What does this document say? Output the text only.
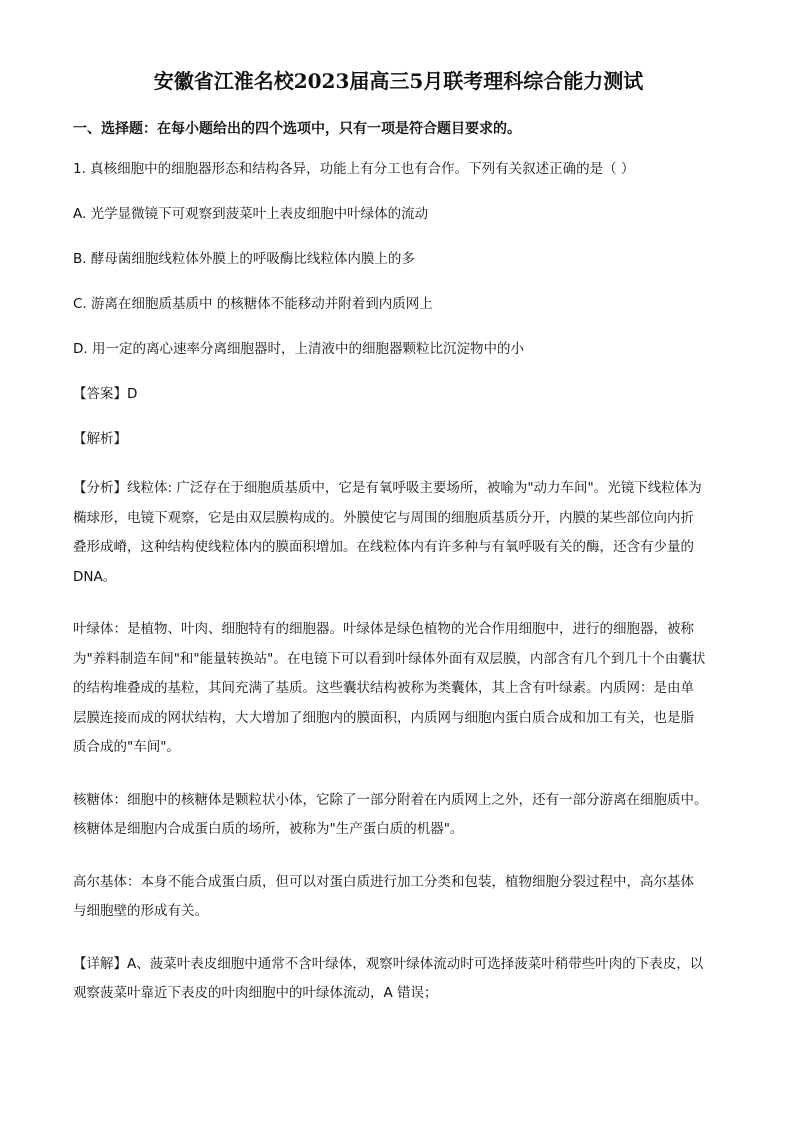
安徽省江淮名校2023届高三5月联考理科综合能力测试
一、选择题：在每小题给出的四个选项中，只有一项是符合题目要求的。
1. 真核细胞中的细胞器形态和结构各异，功能上有分工也有合作。下列有关叙述正确的是（ ）
A. 光学显微镜下可观察到菠菜叶上表皮细胞中叶绿体的流动
B. 酵母菌细胞线粒体外膜上的呼吸酶比线粒体内膜上的多
C. 游离在细胞质基质中 的核糖体不能移动并附着到内质网上
D. 用一定的离心速率分离细胞器时，上清液中的细胞器颗粒比沉淀物中的小
【答案】D
【解析】
【分析】线粒体: 广泛存在于细胞质基质中，它是有氧呼吸主要场所，被喻为"动力车间"。光镜下线粒体为
椭球形，电镜下观察，它是由双层膜构成的。外膜使它与周围的细胞质基质分开，内膜的某些部位向内折
叠形成嵴，这种结构使线粒体内的膜面积增加。在线粒体内有许多种与有氧呼吸有关的酶，还含有少量的
DNA。
叶绿体：是植物、叶肉、细胞特有的细胞器。叶绿体是绿色植物的光合作用细胞中，进行的细胞器，被称
为"养料制造车间"和"能量转换站"。在电镜下可以看到叶绿体外面有双层膜，内部含有几个到几十个由囊状
的结构堆叠成的基粒，其间充满了基质。这些囊状结构被称为类囊体，其上含有叶绿素。内质网：是由单
层膜连接而成的网状结构，大大增加了细胞内的膜面积，内质网与细胞内蛋白质合成和加工有关，也是脂
质合成的"车间"。
核糖体：细胞中的核糖体是颗粒状小体，它除了一部分附着在内质网上之外，还有一部分游离在细胞质中。
核糖体是细胞内合成蛋白质的场所，被称为"生产蛋白质的机器"。
高尔基体：本身不能合成蛋白质，但可以对蛋白质进行加工分类和包装，植物细胞分裂过程中，高尔基体
与细胞壁的形成有关。
【详解】A、菠菜叶表皮细胞中通常不含叶绿体，观察叶绿体流动时可选择菠菜叶稍带些叶肉的下表皮，以
观察菠菜叶靠近下表皮的叶肉细胞中的叶绿体流动，A 错误；
